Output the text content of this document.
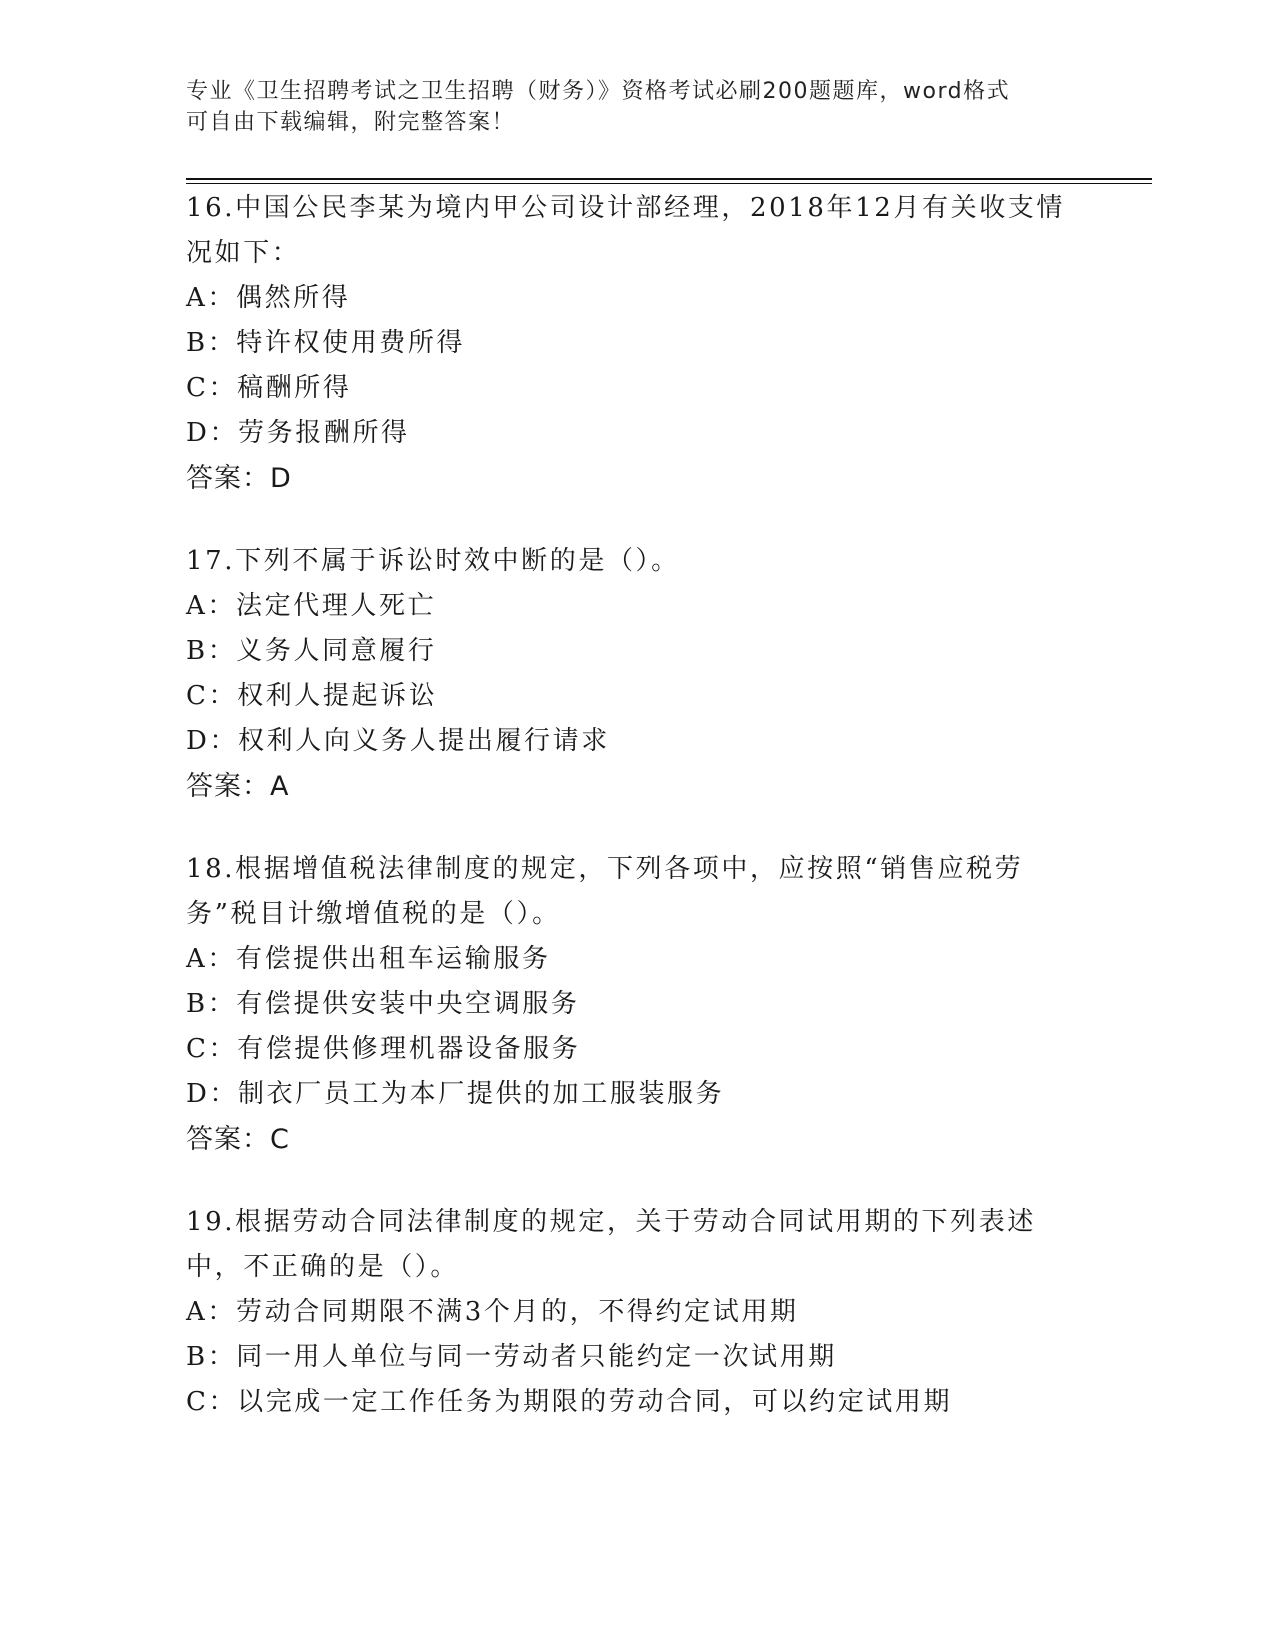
专业《卫生招聘考试之卫生招聘（财务）》资格考试必刷200题题库，word格式
可自由下载编辑，附完整答案！
16.中国公民李某为境内甲公司设计部经理，2018年12月有关收支情况如下：
A：偶然所得
B：特许权使用费所得
C：稿酬所得
D：劳务报酬所得
答案：D
17.下列不属于诉讼时效中断的是（）。
A：法定代理人死亡
B：义务人同意履行
C：权利人提起诉讼
D：权利人向义务人提出履行请求
答案：A
18.根据增值税法律制度的规定，下列各项中，应按照“销售应税劳务”税目计缴增值税的是（）。
A：有偿提供出租车运输服务
B：有偿提供安装中央空调服务
C：有偿提供修理机器设备服务
D：制衣厂员工为本厂提供的加工服装服务
答案：C
19.根据劳动合同法律制度的规定，关于劳动合同试用期的下列表述中，不正确的是（）。
A：劳动合同期限不满3个月的，不得约定试用期
B：同一用人单位与同一劳动者只能约定一次试用期
C：以完成一定工作任务为期限的劳动合同，可以约定试用期
